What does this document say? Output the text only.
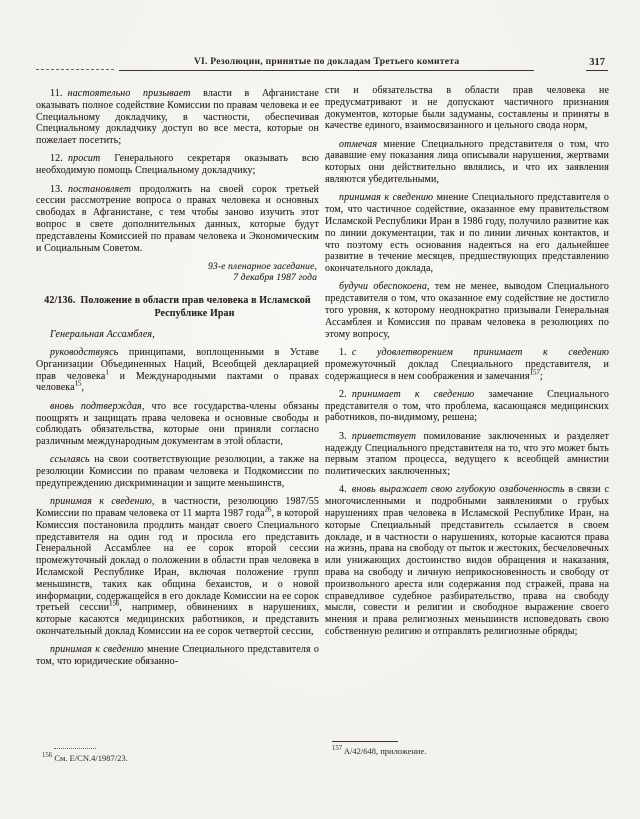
VI. Резолюции, принятые по докладам Третьего комитета	317

11. настоятельно призывает власти в Афганистане оказывать полное содействие Комиссии по правам человека и ее Специальному докладчику, в частности, обеспечивая Специальному докладчику доступ во все места, которые он пожелает посетить;

12. просит Генерального секретаря оказывать всю необходимую помощь Специальному докладчику;

13. постановляет продолжить на своей сорок третьей сессии рассмотрение вопроса о правах человека и основных свободах в Афганистане, с тем чтобы заново изучить этот вопрос в свете дополнительных данных, которые будут представлены Комиссией по правам человека и Экономическим и Социальным Советом.

93-е пленарное заседание,
7 декабря 1987 года

42/136. Положение в области прав человека в Исламской Республике Иран

Генеральная Ассамблея,

руководствуясь принципами, воплощенными в Уставе Организации Объединенных Наций, Всеобщей декларацией прав человека$^1$ и Международными пактами о правах человека$^{15}$,

вновь подтверждая, что все государства-члены обязаны поощрять и защищать права человека и основные свободы и соблюдать обязательства, которые они приняли согласно различным международным документам в этой области,

ссылаясь на свои соответствующие резолюции, а также на резолюции Комиссии по правам человека и Подкомиссии по предупреждению дискриминации и защите меньшинств,

принимая к сведению, в частности, резолюцию 1987/55 Комиссии по правам человека от 11 марта 1987 года$^{26}$, в которой Комиссия постановила продлить мандат своего Специального представителя на один год и просила его представить Генеральной Ассамблее на ее сорок второй сессии промежуточный доклад о положении в области прав человека в Исламской Республике Иран, включая положение групп меньшинств, таких как община бехаистов, и о новой информации, содержащейся в его докладе Комиссии на ее сорок третьей сессии$^{156}$, например, обвинениях в нарушениях, которые касаются медицинских работников, и представить окончательный доклад Комиссии на ее сорок четвертой сессии,

принимая к сведению мнение Специального представителя о том, что юридические обязанно-

сти и обязательства в области прав человека не предусматривают и не допускают частичного признания документов, которые были задуманы, составлены и приняты в качестве единого, взаимосвязанного и цельного свода норм,

отмечая мнение Специального представителя о том, что дававшие ему показания лица описывали нарушения, жертвами которых они действительно являлись, и что их заявления являются убедительными,

принимая к сведению мнение Специального представителя о том, что частичное содействие, оказанное ему правительством Исламской Республики Иран в 1986 году, получило развитие как по линии документации, так и по линии личных контактов, и что поэтому есть основания надеяться на его дальнейшее развитие в течение месяцев, предшествующих представлению окончательного доклада,

будучи обеспокоена, тем не менее, выводом Специального представителя о том, что оказанное ему содействие не достигло того уровня, к которому неоднократно призывали Генеральная Ассамблея и Комиссия по правам человека в резолюциях по этому вопросу,

1. с удовлетворением принимает к сведению промежуточный доклад Специального представителя, и содержащиеся в нем соображения и замечания$^{157}$;

2. принимает к сведению замечание Специального представителя о том, что проблема, касающаяся медицинских работников, по-видимому, решена;

3. приветствует помилование заключенных и разделяет надежду Специального представителя на то, что это может быть первым этапом процесса, ведущего к всеобщей амнистии политических заключенных;

4. вновь выражает свою глубокую озабоченность в связи с многочисленными и подробными заявлениями о грубых нарушениях прав человека в Исламской Республике Иран, на которые Специальный представитель ссылается в своем докладе, и в частности о нарушениях, которые касаются права на жизнь, права на свободу от пыток и жестоких, бесчеловечных или унижающих достоинство видов обращения и наказания, права на свободу и личную неприкосновенность и свободу от произвольного ареста или содержания под стражей, права на справедливое судебное разбирательство, права на свободу мысли, совести и религии и свободное выражение своего мнения и права религиозных меньшинств исповедовать свою собственную религию и отправлять религиозные обряды;

$^{156}$ См. E/CN.4/1987/23.
$^{157}$ A/42/648, приложение.
